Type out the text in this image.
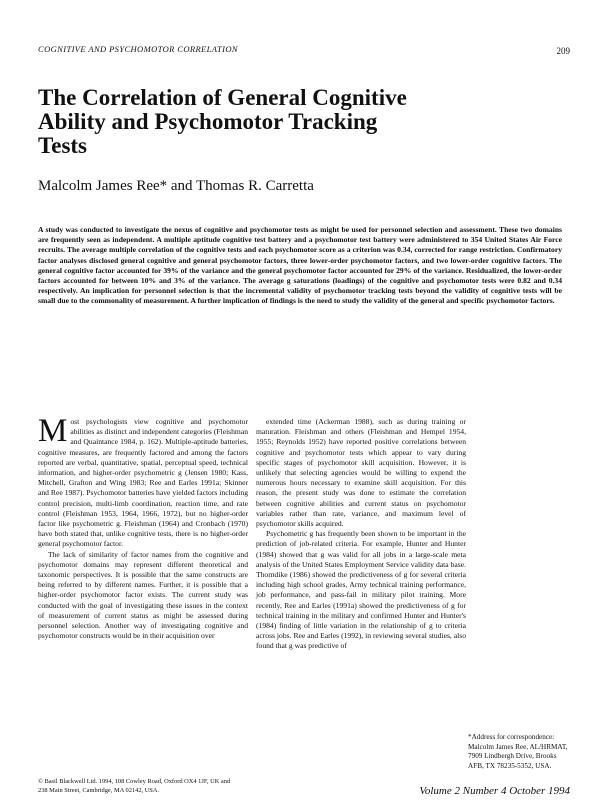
COGNITIVE AND PSYCHOMOTOR CORRELATION	209
The Correlation of General Cognitive
Ability and Psychomotor Tracking
Tests
Malcolm James Ree* and Thomas R. Carretta

A study was conducted to investigate the nexus of cognitive and psychomotor tests as might be used for personnel selection and assessment. These two domains are frequently seen as independent. A multiple aptitude cognitive test battery and a psychomotor test battery were administered to 354 United States Air Force recruits. The average multiple correlation of the cognitive tests and each psychomotor score as a criterion was 0.34, corrected for range restriction. Confirmatory factor analyses disclosed general cognitive and general psychomotor factors, three lower-order psychomotor factors, and two lower-order cognitive factors. The general cognitive factor accounted for 39% of the variance and the general psychomotor factor accounted for 29% of the variance. Residualized, the lower-order factors accounted for between 10% and 3% of the variance. The average g saturations (loadings) of the cognitive and psychomotor tests were 0.82 and 0.34 respectively. An implication for personnel selection is that the incremental validity of psychomotor tracking tests beyond the validity of cognitive tests will be small due to the commonality of measurement. A further implication of findings is the need to study the validity of the general and specific psychomotor factors.

Most psychologists view cognitive and psychomotor abilities as distinct and independent categories (Fleishman and Quaintance 1984, p. 162). Multiple-aptitude batteries, cognitive measures, are frequently factored and among the factors reported are verbal, quantitative, spatial, perceptual speed, technical information, and higher-order psychometric g (Jensen 1980; Kass, Mitchell, Grafton and Wing 1983; Ree and Earles 1991a; Skinner and Ree 1987). Psychomotor batteries have yielded factors including control precision, multi-limb coordination, reaction time, and rate control (Fleishman 1953, 1964, 1966, 1972), but no higher-order factor like psychometric g. Fleishman (1964) and Cronbach (1970) have both stated that, unlike cognitive tests, there is no higher-order general psychomotor factor.

The lack of similarity of factor names from the cognitive and psychomotor domains may represent different theoretical and taxonomic perspectives. It is possible that the same constructs are being referred to by different names. Further, it is possible that a higher-order psychomotor factor exists. The current study was conducted with the goal of investigating these issues in the context of measurement of current status as might be assessed during personnel selection. Another way of investigating cognitive and psychomotor constructs would be in their acquisition over

extended time (Ackerman 1988), such as during training or maturation. Fleishman and others (Fleishman and Hempel 1954, 1955; Reynolds 1952) have reported positive correlations between cognitive and psychomotor tests which appear to vary during specific stages of psychomotor skill acquisition. However, it is unlikely that selecting agencies would be willing to expend the numerous hours necessary to examine skill acquisition. For this reason, the present study was done to estimate the correlation between cognitive abilities and current status on psychomotor variables rather than rate, variance, and maximum level of psychomotor skills acquired.

Psychometric g has frequently been shown to be important in the prediction of job-related criteria. For example, Hunter and Hunter (1984) showed that g was valid for all jobs in a large-scale meta analysis of the United States Employment Service validity data base. Thorndike (1986) showed the predictiveness of g for several criteria including high school grades, Army technical training performance, job performance, and pass-fail in military pilot training. More recently, Ree and Earles (1991a) showed the predictiveness of g for technical training in the military and confirmed Hunter and Hunter's (1984) finding of little variation in the relationship of g to criteria across jobs. Ree and Earles (1992), in reviewing several studies, also found that g was predictive of

*Address for correspondence: Malcolm James Ree, AL/HRMAT, 7909 Lindbergh Drive, Brooks AFB, TX 78235-5352, USA.
© Basil Blackwell Ltd. 1994, 108 Cowley Road, Oxford OX4 1JF, UK and
238 Main Street, Cambridge, MA 02142, USA.	Volume 2 Number 4 October 1994
